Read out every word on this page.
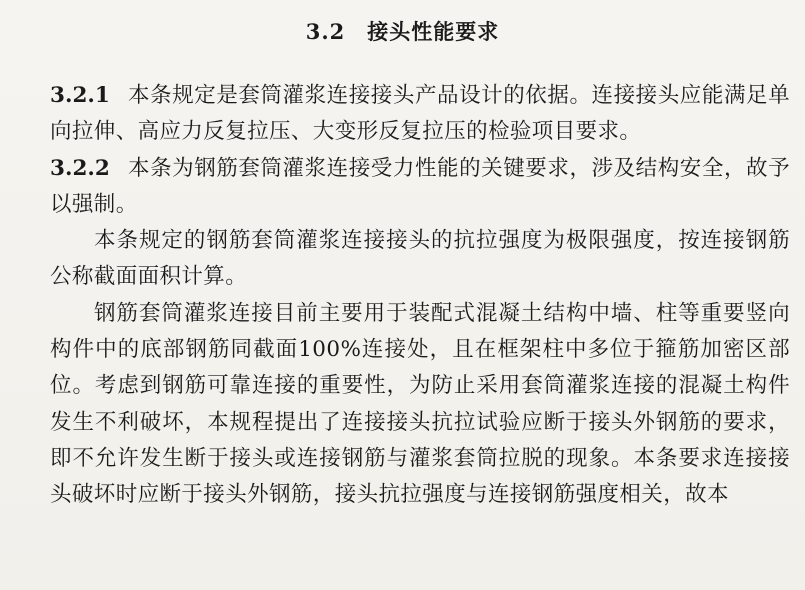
3.2 接头性能要求

3.2.1 本条规定是套筒灌浆连接接头产品设计的依据。连接接头应能满足单向拉伸、高应力反复拉压、大变形反复拉压的检验项目要求。

3.2.2 本条为钢筋套筒灌浆连接受力性能的关键要求，涉及结构安全，故予以强制。

本条规定的钢筋套筒灌浆连接接头的抗拉强度为极限强度，按连接钢筋公称截面面积计算。

钢筋套筒灌浆连接目前主要用于装配式混凝土结构中墙、柱等重要竖向构件中的底部钢筋同截面100%连接处，且在框架柱中多位于箍筋加密区部位。考虑到钢筋可靠连接的重要性，为防止采用套筒灌浆连接的混凝土构件发生不利破坏，本规程提出了连接接头抗拉试验应断于接头外钢筋的要求，即不允许发生断于接头或连接钢筋与灌浆套筒拉脱的现象。本条要求连接接头破坏时应断于接头外钢筋，接头抗拉强度与连接钢筋强度相关，故本
